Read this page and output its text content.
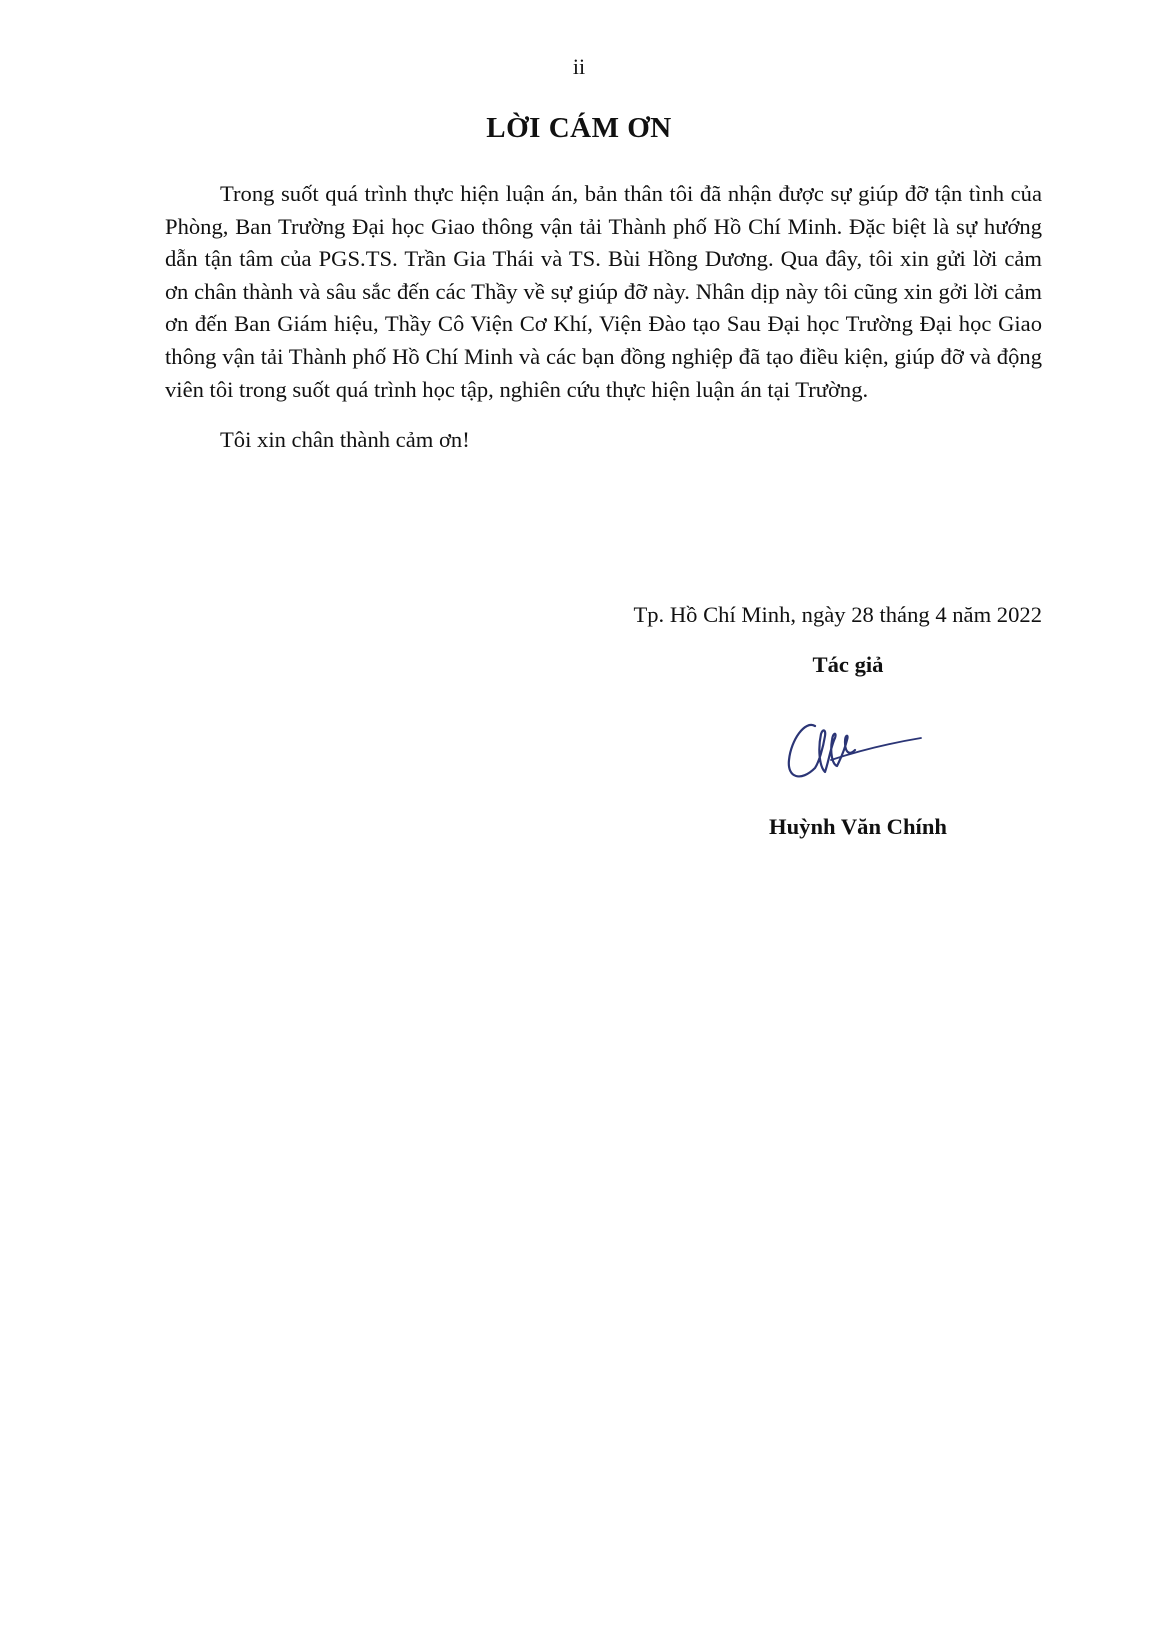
ii
LỜI CÁM ƠN

Trong suốt quá trình thực hiện luận án, bản thân tôi đã nhận được sự giúp đỡ tận tình của Phòng, Ban Trường Đại học Giao thông vận tải Thành phố Hồ Chí Minh. Đặc biệt là sự hướng dẫn tận tâm của PGS.TS. Trần Gia Thái và TS. Bùi Hồng Dương. Qua đây, tôi xin gửi lời cảm ơn chân thành và sâu sắc đến các Thầy về sự giúp đỡ này. Nhân dịp này tôi cũng xin gởi lời cảm ơn đến Ban Giám hiệu, Thầy Cô Viện Cơ Khí, Viện Đào tạo Sau Đại học Trường Đại học Giao thông vận tải Thành phố Hồ Chí Minh và các bạn đồng nghiệp đã tạo điều kiện, giúp đỡ và động viên tôi trong suốt quá trình học tập, nghiên cứu thực hiện luận án tại Trường.

Tôi xin chân thành cảm ơn!

Tp. Hồ Chí Minh, ngày 28 tháng 4 năm 2022
Tác giả
Huỳnh Văn Chính
